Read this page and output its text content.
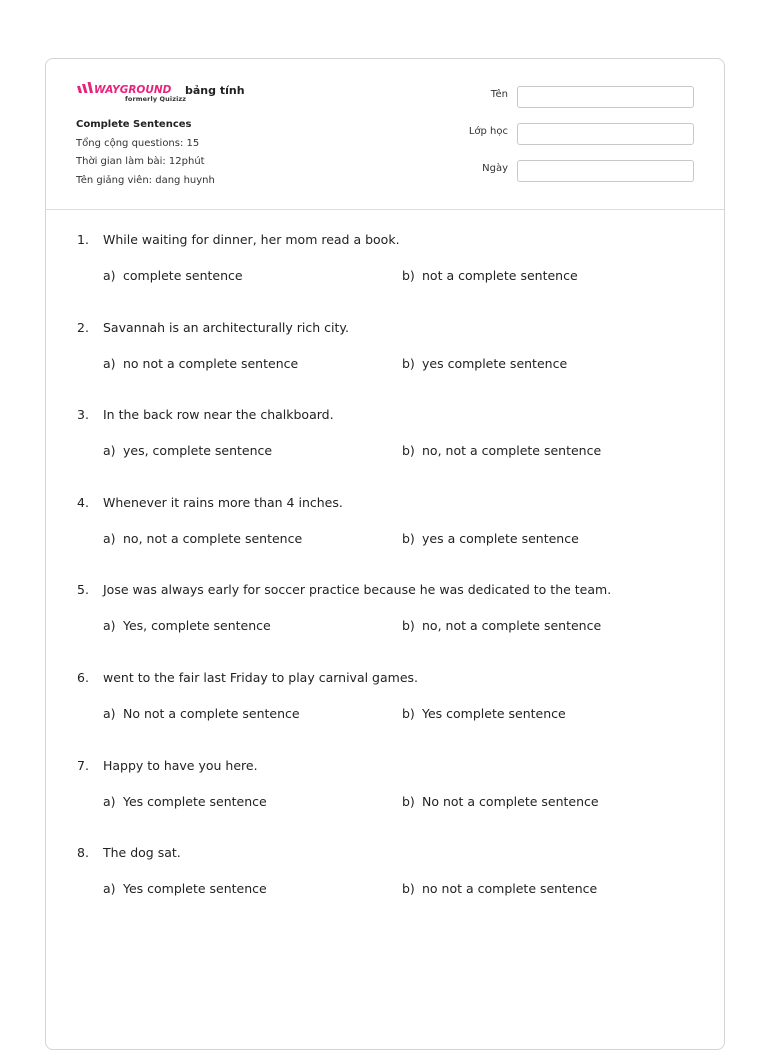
WAYGROUND
formerly Quizizz
bảng tính
Complete Sentences
Tổng cộng questions: 15
Thời gian làm bài: 12phút
Tên giảng viên: dang huynh
Tên
Lớp học
Ngày
1. While waiting for dinner, her mom read a book.
a) complete sentence	b) not a complete sentence
2. Savannah is an architecturally rich city.
a) no not a complete sentence	b) yes complete sentence
3. In the back row near the chalkboard.
a) yes, complete sentence	b) no, not a complete sentence
4. Whenever it rains more than 4 inches.
a) no, not a complete sentence	b) yes a complete sentence
5. Jose was always early for soccer practice because he was dedicated to the team.
a) Yes, complete sentence	b) no, not a complete sentence
6. went to the fair last Friday to play carnival games.
a) No not a complete sentence	b) Yes complete sentence
7. Happy to have you here.
a) Yes complete sentence	b) No not a complete sentence
8. The dog sat.
a) Yes complete sentence	b) no not a complete sentence
